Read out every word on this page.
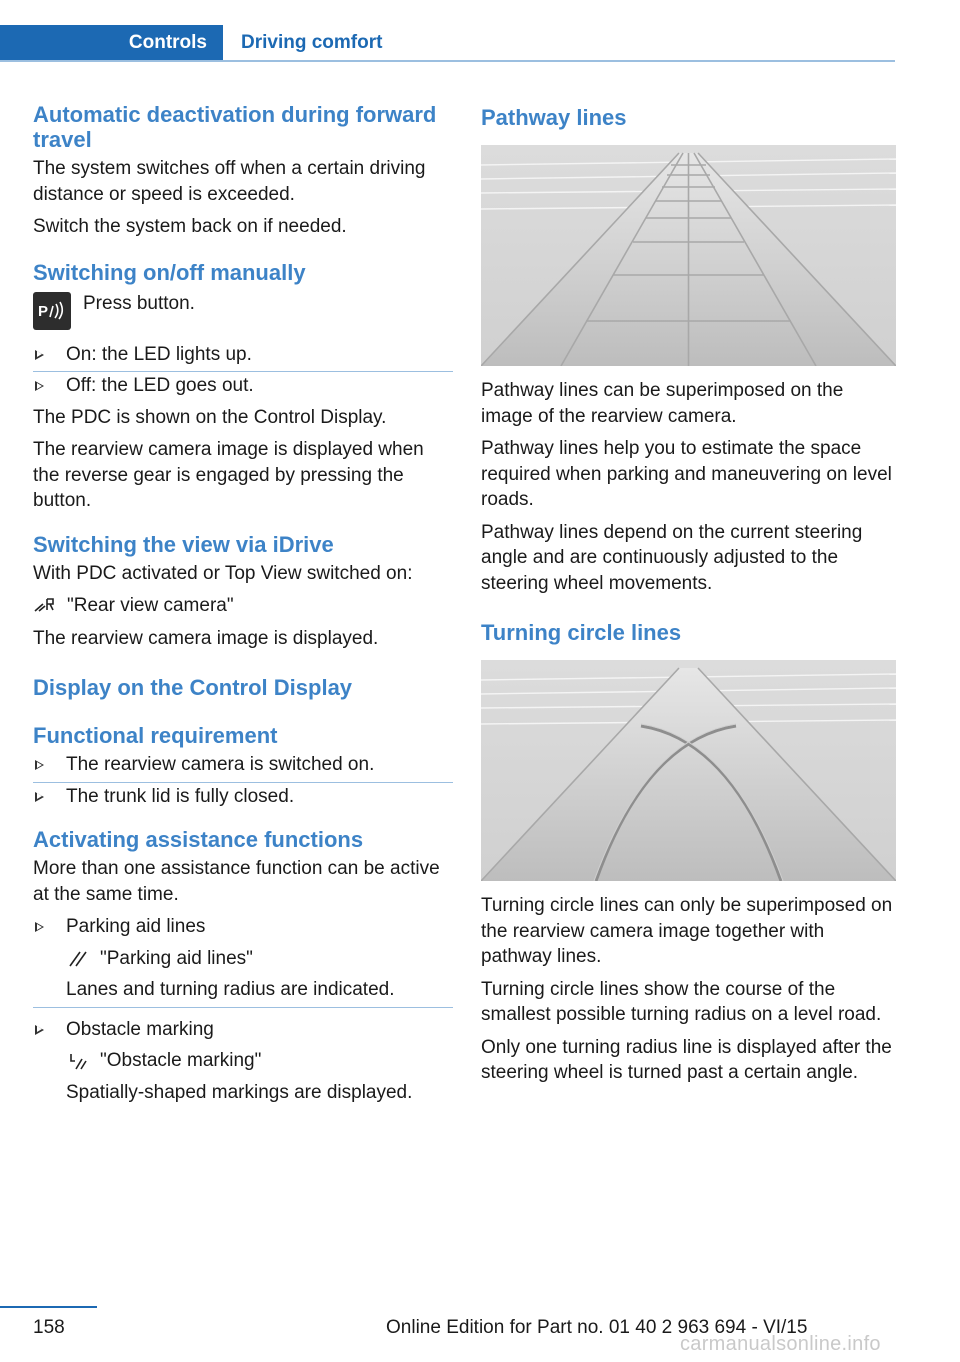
Controls	Driving comfort
Automatic deactivation during forward travel

The system switches off when a certain driving distance or speed is exceeded.

Switch the system back on if needed.

Switching on/off manually
P Press button.

On: the LED lights up.
Off: the LED goes out.

The PDC is shown on the Control Display.

The rearview camera image is displayed when the reverse gear is engaged by pressing the button.

Switching the view via iDrive

With PDC activated or Top View switched on:

"Rear view camera"

The rearview camera image is displayed.

Display on the Control Display
Functional requirement
The rearview camera is switched on.
The trunk lid is fully closed.
Activating assistance functions

More than one assistance function can be active at the same time.

Parking aid lines
"Parking aid lines"
Lanes and turning radius are indicated.
Obstacle marking
"Obstacle marking"
Spatially-shaped markings are displayed.
Pathway lines

Pathway lines can be superimposed on the image of the rearview camera.

Pathway lines help you to estimate the space required when parking and maneuvering on level roads.

Pathway lines depend on the current steering angle and are continuously adjusted to the steering wheel movements.

Turning circle lines

Turning circle lines can only be superimposed on the rearview camera image together with pathway lines.

Turning circle lines show the course of the smallest possible turning radius on a level road.

Only one turning radius line is displayed after the steering wheel is turned past a certain angle.

158	Online Edition for Part no. 01 40 2 963 694 - VI/15
carmanualsonline.info
